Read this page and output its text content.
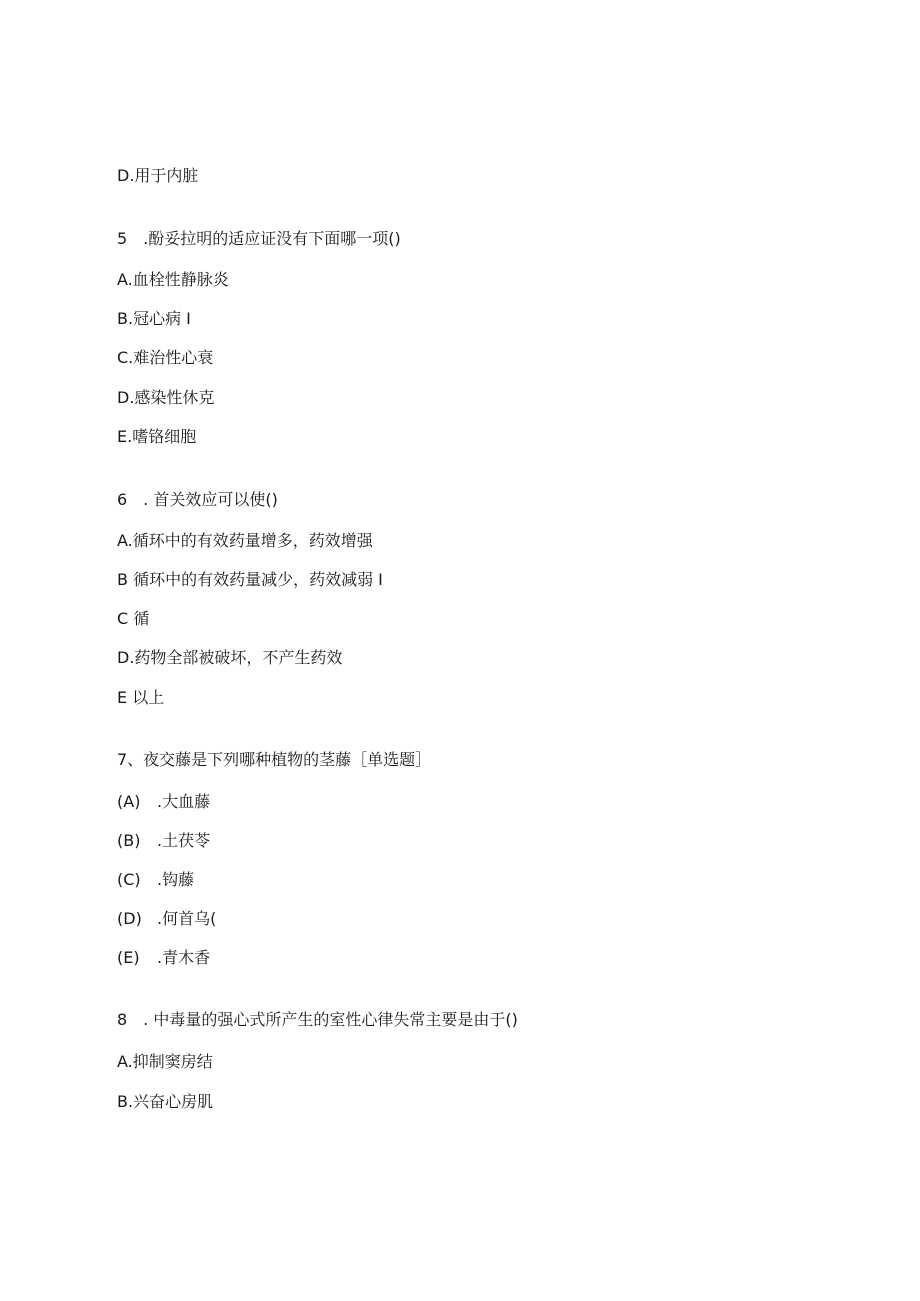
D.用于内脏
5　.酚妥拉明的适应证没有下面哪一项()
A.血栓性静脉炎
B.冠心病 I
C.难治性心衰
D.感染性休克
E.嗜铬细胞
6　. 首关效应可以使()
A.循环中的有效药量增多，药效增强
B 循环中的有效药量减少，药效减弱 I
C 循
D.药物全部被破坏，不产生药效
E 以上
7、夜交藤是下列哪种植物的茎藤［单选题］
(A) .大血藤
(B) .土茯苓
(C) .钩藤
(D) .何首乌(
(E) .青木香
8　. 中毒量的强心式所产生的室性心律失常主要是由于()
A.抑制窦房结
B.兴奋心房肌
